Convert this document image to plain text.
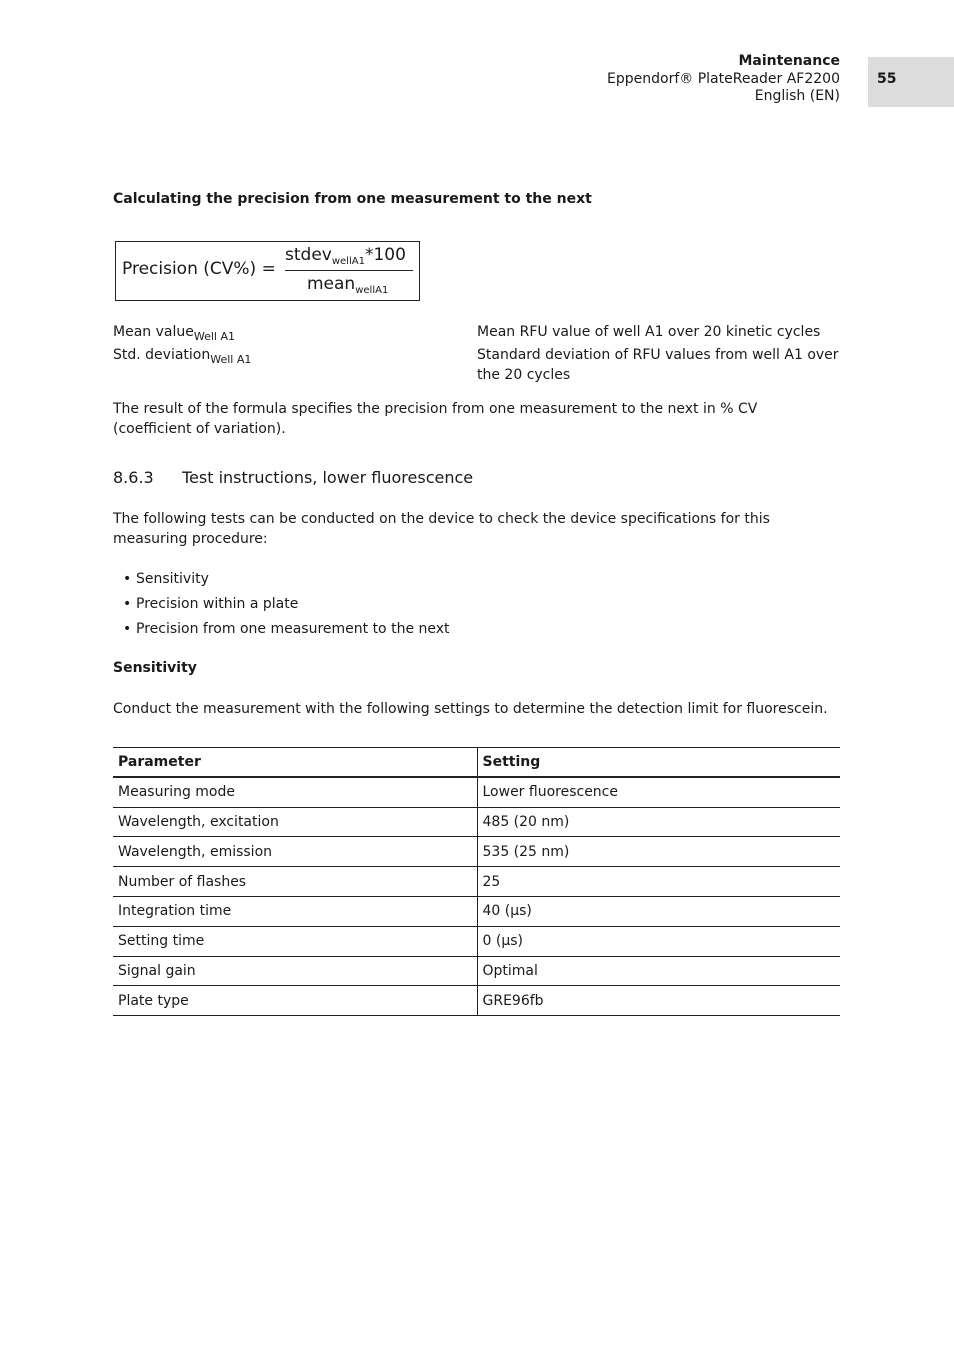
Maintenance
Eppendorf® PlateReader AF2200
English (EN)
55
Calculating the precision from one measurement to the next
Precision (CV%) =
stdev$_{wellA1}$*100
mean$_{wellA1}$
Mean value$_{Well A1}$	Mean RFU value of well A1 over 20 kinetic cycles
Std. deviation$_{Well A1}$	Standard deviation of RFU values from well A1 over the 20 cycles
The result of the formula specifies the precision from one measurement to the next in % CV (coefficient of variation).
8.6.3 Test instructions, lower fluorescence
The following tests can be conducted on the device to check the device specifications for this measuring procedure:
• Sensitivity
• Precision within a plate
• Precision from one measurement to the next
Sensitivity
Conduct the measurement with the following settings to determine the detection limit for fluorescein.
Parameter	Setting
Measuring mode	Lower fluorescence
Wavelength, excitation	485 (20 nm)
Wavelength, emission	535 (25 nm)
Number of flashes	25
Integration time	40 (µs)
Setting time	0 (µs)
Signal gain	Optimal
Plate type	GRE96fb
